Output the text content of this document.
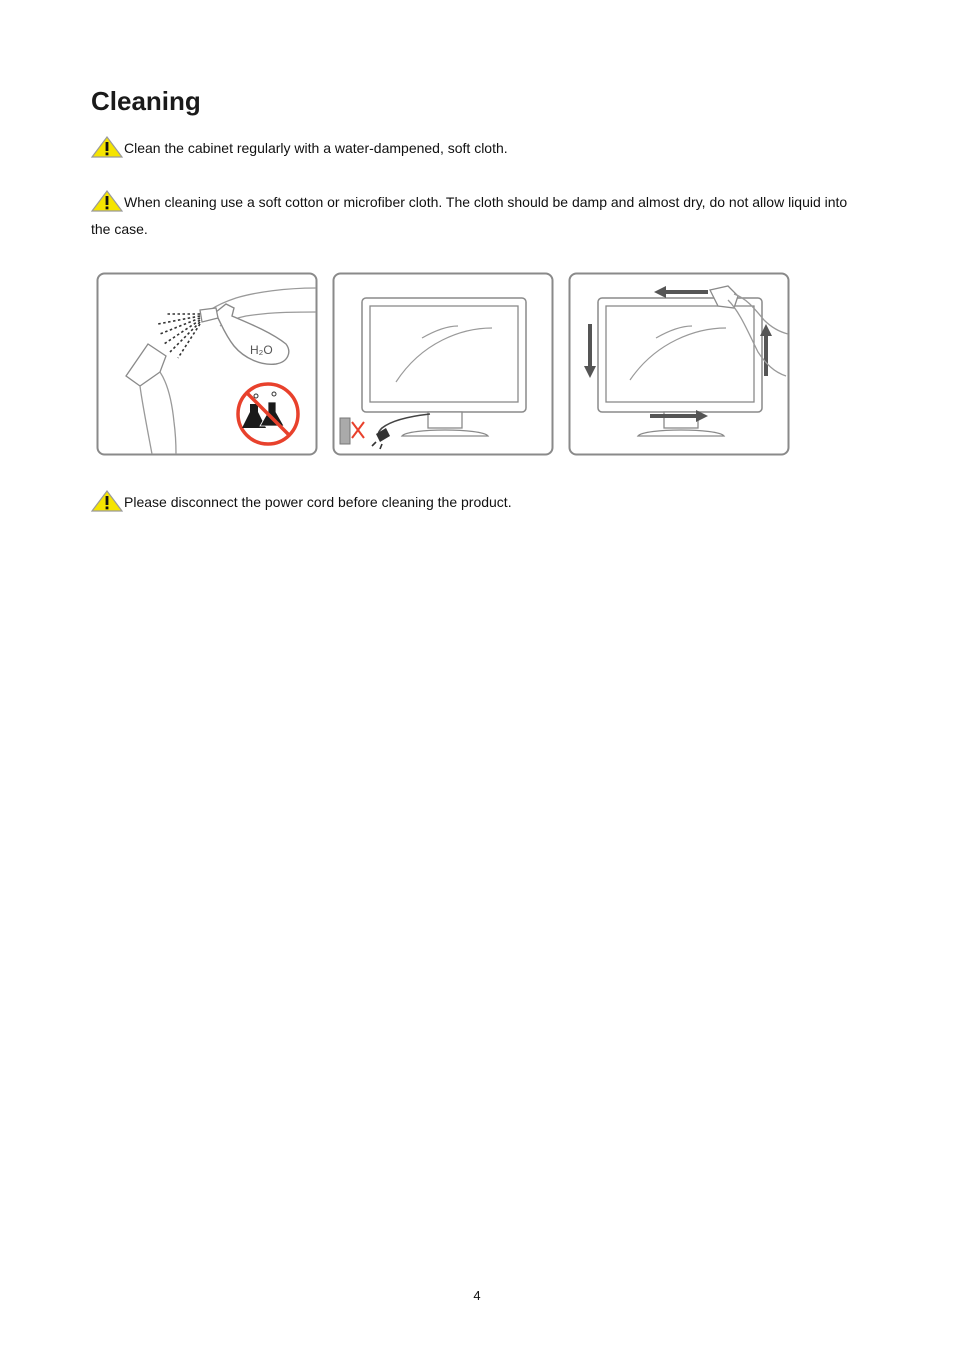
Cleaning
Clean the cabinet regularly with a water-dampened, soft cloth.
When cleaning use a soft cotton or microfiber cloth. The cloth should be damp and almost dry, do not allow liquid into the case.
H₂O
Please disconnect the power cord before cleaning the product.
4
